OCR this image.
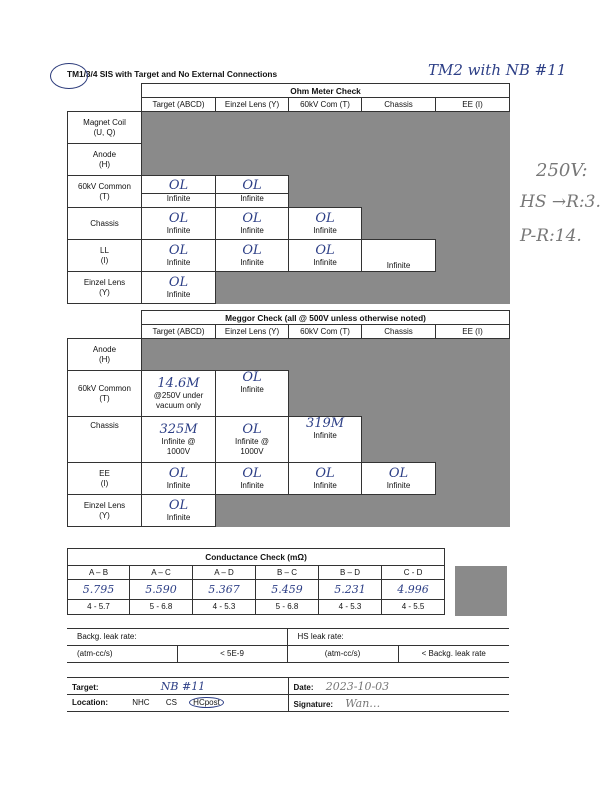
TM1/3/4 SIS with Target and No External Connections	TM2 with NB #11
250V:
HS →R:3.
P-R:14.
	Ohm Meter Check				
	Target (ABCD)	Einzel Lens (Y)	60kV Com (T)	Chassis	EE (I)

Magnet Coil
(U, Q)					

Anode
(H)					

60kV Common
(T)	OL
Infinite	OL
Infinite			

Chassis	OL
Infinite	OL
Infinite	OL
Infinite		

LL
(I)	OL
Infinite	OL
Infinite	OL
Infinite	Infinite	

Einzel Lens
(Y)	OL
Infinite				

	Meggor Check (all @ 500V unless otherwise noted)				
	Target (ABCD)	Einzel Lens (Y)	60kV Com (T)	Chassis	EE (I)

Anode
(H)					

60kV Common
(T)	14.6M
@250V under
vacuum only	OL
Infinite			

Chassis	325M
Infinite @
1000V	OL
Infinite @
1000V	319M
Infinite		

EE
(I)	OL
Infinite	OL
Infinite	OL
Infinite	OL
Infinite	

Einzel Lens
(Y)	OL
Infinite				

Conductance Check (mΩ)						

A – B	A – C	A – D	B – C	B – D	C - D	
5.795	5.590	5.367	5.459	5.231	4.996	
4 - 5.7	5 - 6.8	4 - 5.3	5 - 6.8	4 - 5.3	4 - 5.5	
Backg. leak rate:		HS leak rate:	
(atm-cc/s)	< 5E-9	(atm-cc/s)	< Backg. leak rate
Target: NB #11	Date: 2023-10-03
Location: NHC CS HCpost	Signature: Wan…
